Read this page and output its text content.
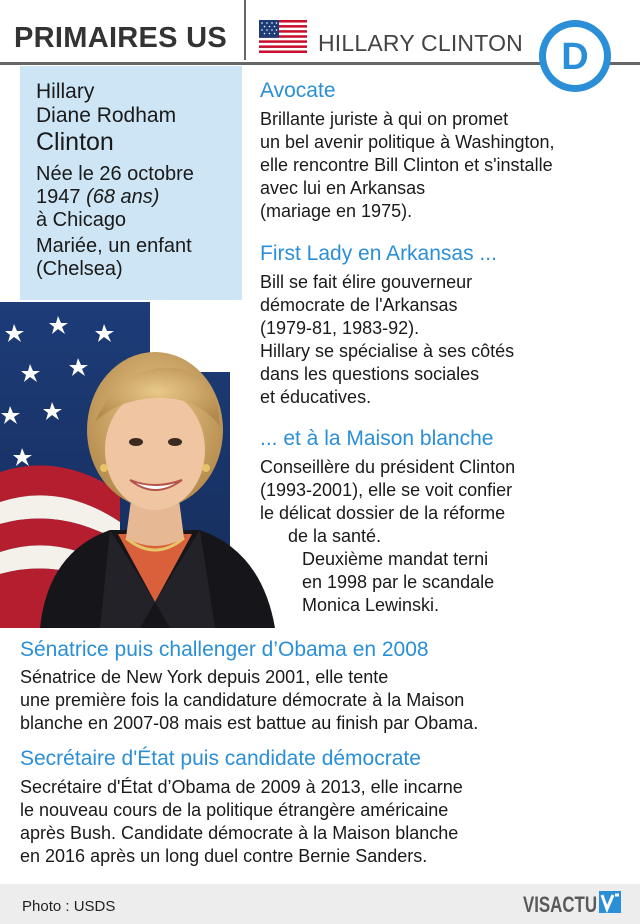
PRIMAIRES US	HILLARY CLINTON D
Hillary
Diane Rodham
Clinton
Née le 26 octobre
1947 (68 ans)
à Chicago
Mariée, un enfant
(Chelsea)
Avocate
Brillante juriste à qui on promet
un bel avenir politique à Washington,
elle rencontre Bill Clinton et s'installe
avec lui en Arkansas
(mariage en 1975).
First Lady en Arkansas ...
Bill se fait élire gouverneur
démocrate de l'Arkansas
(1979-81, 1983-92).
Hillary se spécialise à ses côtés
dans les questions sociales
et éducatives.
... et à la Maison blanche
Conseillère du président Clinton
(1993-2001), elle se voit confier
le délicat dossier de la réforme
de la santé.
Deuxième mandat terni
en 1998 par le scandale
Monica Lewinski.
Sénatrice puis challenger d’Obama en 2008
Sénatrice de New York depuis 2001, elle tente
une première fois la candidature démocrate à la Maison
blanche en 2007-08 mais est battue au finish par Obama.
Secrétaire d'État puis candidate démocrate
Secrétaire d'État d’Obama de 2009 à 2013, elle incarne
le nouveau cours de la politique étrangère américaine
après Bush. Candidate démocrate à la Maison blanche
en 2016 après un long duel contre Bernie Sanders.
Photo : USDS	VISACTU
